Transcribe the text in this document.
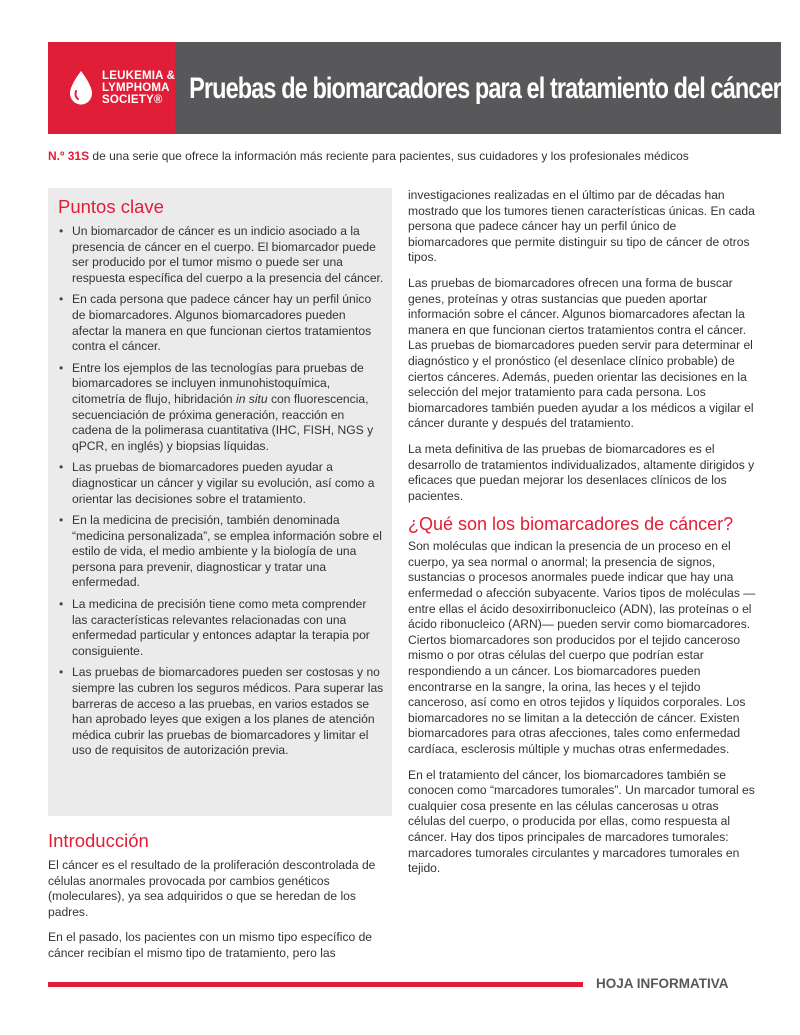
LEUKEMIA &
LYMPHOMA
SOCIETY®	Pruebas de biomarcadores para el tratamiento del cáncer
N.º 31S de una serie que ofrece la información más reciente para pacientes, sus cuidadores y los profesionales médicos
Puntos clave
• Un biomarcador de cáncer es un indicio asociado a la presencia de cáncer en el cuerpo. El biomarcador puede ser producido por el tumor mismo o puede ser una respuesta específica del cuerpo a la presencia del cáncer.
• En cada persona que padece cáncer hay un perfil único de biomarcadores. Algunos biomarcadores pueden afectar la manera en que funcionan ciertos tratamientos contra el cáncer.
• Entre los ejemplos de las tecnologías para pruebas de biomarcadores se incluyen inmunohistoquímica, citometría de flujo, hibridación in situ con fluorescencia, secuenciación de próxima generación, reacción en cadena de la polimerasa cuantitativa (IHC, FISH, NGS y qPCR, en inglés) y biopsias líquidas.
• Las pruebas de biomarcadores pueden ayudar a diagnosticar un cáncer y vigilar su evolución, así como a orientar las decisiones sobre el tratamiento.
• En la medicina de precisión, también denominada “medicina personalizada”, se emplea información sobre el estilo de vida, el medio ambiente y la biología de una persona para prevenir, diagnosticar y tratar una enfermedad.
• La medicina de precisión tiene como meta comprender las características relevantes relacionadas con una enfermedad particular y entonces adaptar la terapia por consiguiente.
• Las pruebas de biomarcadores pueden ser costosas y no siempre las cubren los seguros médicos. Para superar las barreras de acceso a las pruebas, en varios estados se han aprobado leyes que exigen a los planes de atención médica cubrir las pruebas de biomarcadores y limitar el uso de requisitos de autorización previa.
Introducción

El cáncer es el resultado de la proliferación descontrolada de células anormales provocada por cambios genéticos (moleculares), ya sea adquiridos o que se heredan de los padres.

En el pasado, los pacientes con un mismo tipo específico de cáncer recibían el mismo tipo de tratamiento, pero las

investigaciones realizadas en el último par de décadas han mostrado que los tumores tienen características únicas. En cada persona que padece cáncer hay un perfil único de biomarcadores que permite distinguir su tipo de cáncer de otros tipos.

Las pruebas de biomarcadores ofrecen una forma de buscar genes, proteínas y otras sustancias que pueden aportar información sobre el cáncer. Algunos biomarcadores afectan la manera en que funcionan ciertos tratamientos contra el cáncer. Las pruebas de biomarcadores pueden servir para determinar el diagnóstico y el pronóstico (el desenlace clínico probable) de ciertos cánceres. Además, pueden orientar las decisiones en la selección del mejor tratamiento para cada persona. Los biomarcadores también pueden ayudar a los médicos a vigilar el cáncer durante y después del tratamiento.

La meta definitiva de las pruebas de biomarcadores es el desarrollo de tratamientos individualizados, altamente dirigidos y eficaces que puedan mejorar los desenlaces clínicos de los pacientes.

¿Qué son los biomarcadores de cáncer?

Son moléculas que indican la presencia de un proceso en el cuerpo, ya sea normal o anormal; la presencia de signos, sustancias o procesos anormales puede indicar que hay una enfermedad o afección subyacente. Varios tipos de moléculas —entre ellas el ácido desoxirribonucleico (ADN), las proteínas o el ácido ribonucleico (ARN)— pueden servir como biomarcadores. Ciertos biomarcadores son producidos por el tejido canceroso mismo o por otras células del cuerpo que podrían estar respondiendo a un cáncer. Los biomarcadores pueden encontrarse en la sangre, la orina, las heces y el tejido canceroso, así como en otros tejidos y líquidos corporales. Los biomarcadores no se limitan a la detección de cáncer. Existen biomarcadores para otras afecciones, tales como enfermedad cardíaca, esclerosis múltiple y muchas otras enfermedades.

En el tratamiento del cáncer, los biomarcadores también se conocen como “marcadores tumorales”. Un marcador tumoral es cualquier cosa presente en las células cancerosas u otras células del cuerpo, o producida por ellas, como respuesta al cáncer. Hay dos tipos principales de marcadores tumorales: marcadores tumorales circulantes y marcadores tumorales en tejido.

HOJA INFORMATIVA
